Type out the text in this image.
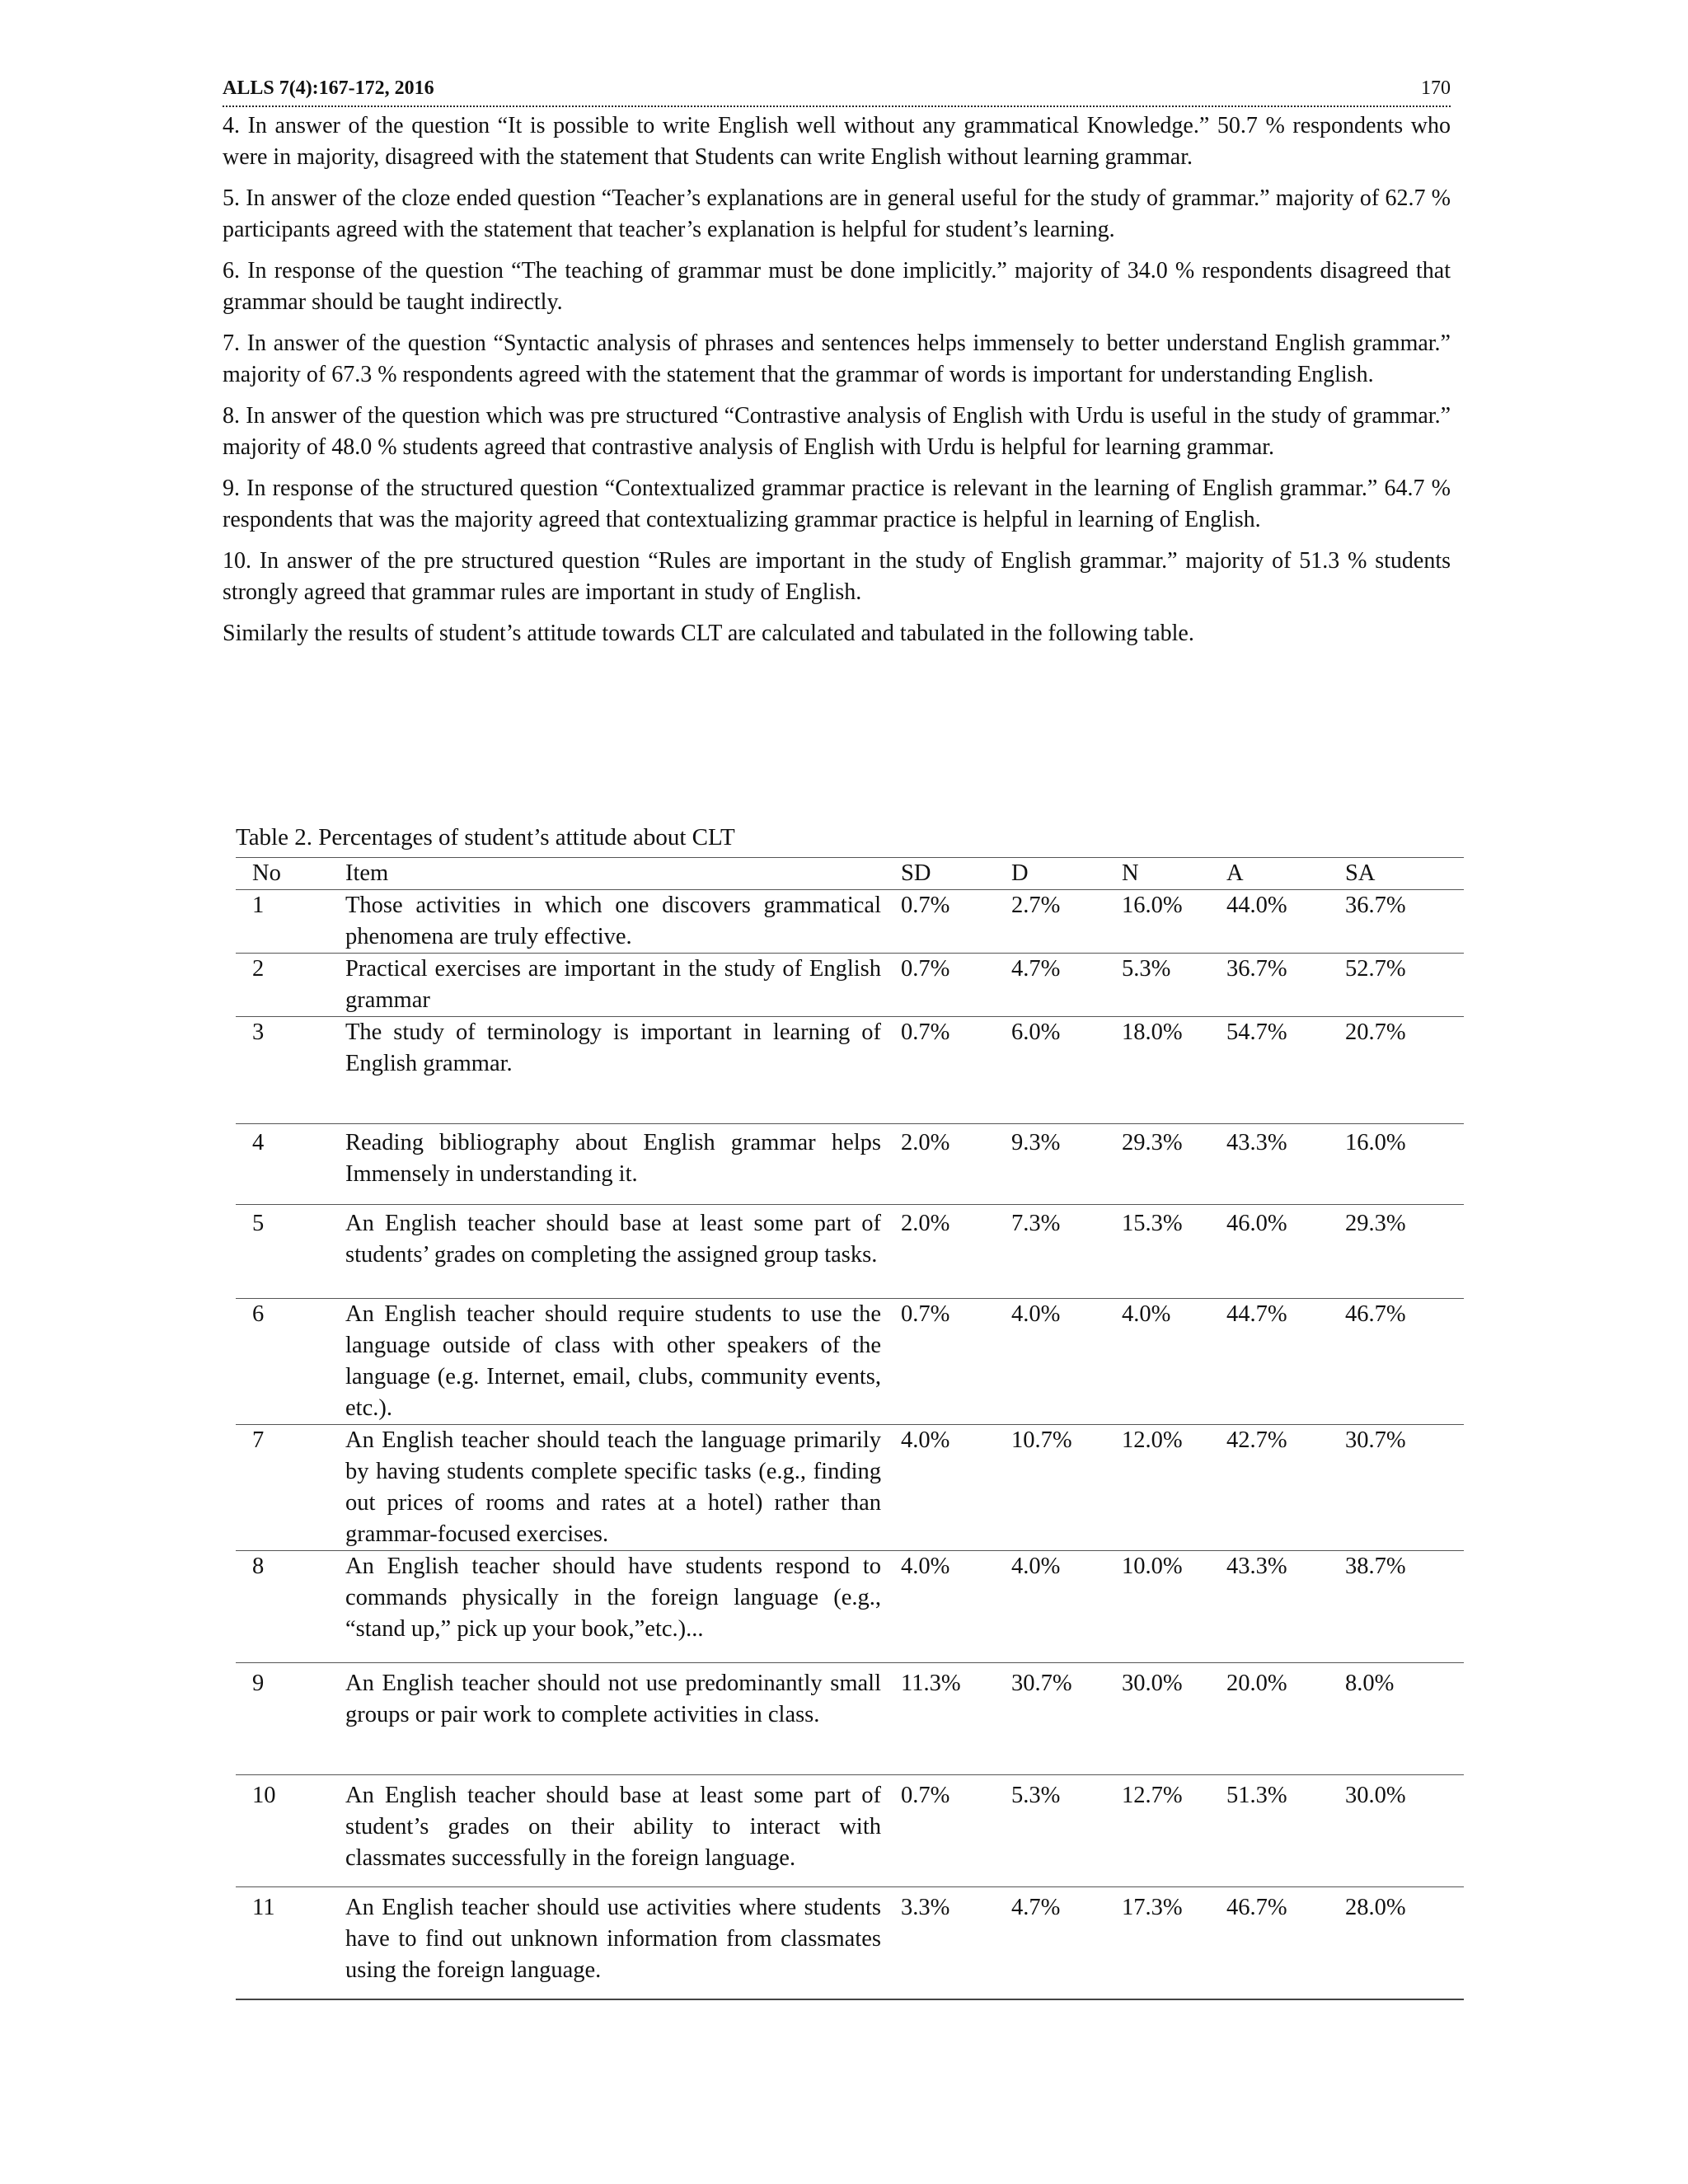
ALLS 7(4):167-172, 2016	170

4. In answer of the question “It is possible to write English well without any grammatical Knowledge.” 50.7 % respondents who were in majority, disagreed with the statement that Students can write English without learning grammar.

5. In answer of the cloze ended question “Teacher’s explanations are in general useful for the study of grammar.” majority of 62.7 % participants agreed with the statement that teacher’s explanation is helpful for student’s learning.

6. In response of the question “The teaching of grammar must be done implicitly.” majority of 34.0 % respondents disagreed that grammar should be taught indirectly.

7. In answer of the question “Syntactic analysis of phrases and sentences helps immensely to better understand English grammar.” majority of 67.3 % respondents agreed with the statement that the grammar of words is important for understanding English.

8. In answer of the question which was pre structured “Contrastive analysis of English with Urdu is useful in the study of grammar.” majority of 48.0 % students agreed that contrastive analysis of English with Urdu is helpful for learning grammar.

9. In response of the structured question “Contextualized grammar practice is relevant in the learning of English grammar.” 64.7 % respondents that was the majority agreed that contextualizing grammar practice is helpful in learning of English.

10. In answer of the pre structured question “Rules are important in the study of English grammar.” majority of 51.3 % students strongly agreed that grammar rules are important in study of English.

Similarly the results of student’s attitude towards CLT are calculated and tabulated in the following table.

Table 2. Percentages of student’s attitude about CLT
No	Item	SD	D	N	A	SA
1	Those activities in which one discovers grammatical phenomena are truly effective.	0.7%	2.7%	16.0%	44.0%	36.7%
2	Practical exercises are important in the study of English grammar	0.7%	4.7%	5.3%	36.7%	52.7%
3	The study of terminology is important in learning of English grammar.	0.7%	6.0%	18.0%	54.7%	20.7%
4	Reading bibliography about English grammar helps Immensely in understanding it.	2.0%	9.3%	29.3%	43.3%	16.0%
5	An English teacher should base at least some part of students’ grades on completing the assigned group tasks.	2.0%	7.3%	15.3%	46.0%	29.3%
6	An English teacher should require students to use the language outside of class with other speakers of the language (e.g. Internet, email, clubs, community events, etc.).	0.7%	4.0%	4.0%	44.7%	46.7%
7	An English teacher should teach the language primarily by having students complete specific tasks (e.g., finding out prices of rooms and rates at a hotel) rather than grammar-focused exercises.	4.0%	10.7%	12.0%	42.7%	30.7%
8	An English teacher should have students respond to commands physically in the foreign language (e.g., “stand up,” pick up your book,”etc.)...	4.0%	4.0%	10.0%	43.3%	38.7%
9	An English teacher should not use predominantly small groups or pair work to complete activities in class.	11.3%	30.7%	30.0%	20.0%	8.0%
10	An English teacher should base at least some part of student’s grades on their ability to interact with classmates successfully in the foreign language.	0.7%	5.3%	12.7%	51.3%	30.0%
11	An English teacher should use activities where students have to find out unknown information from classmates using the foreign language.	3.3%	4.7%	17.3%	46.7%	28.0%
